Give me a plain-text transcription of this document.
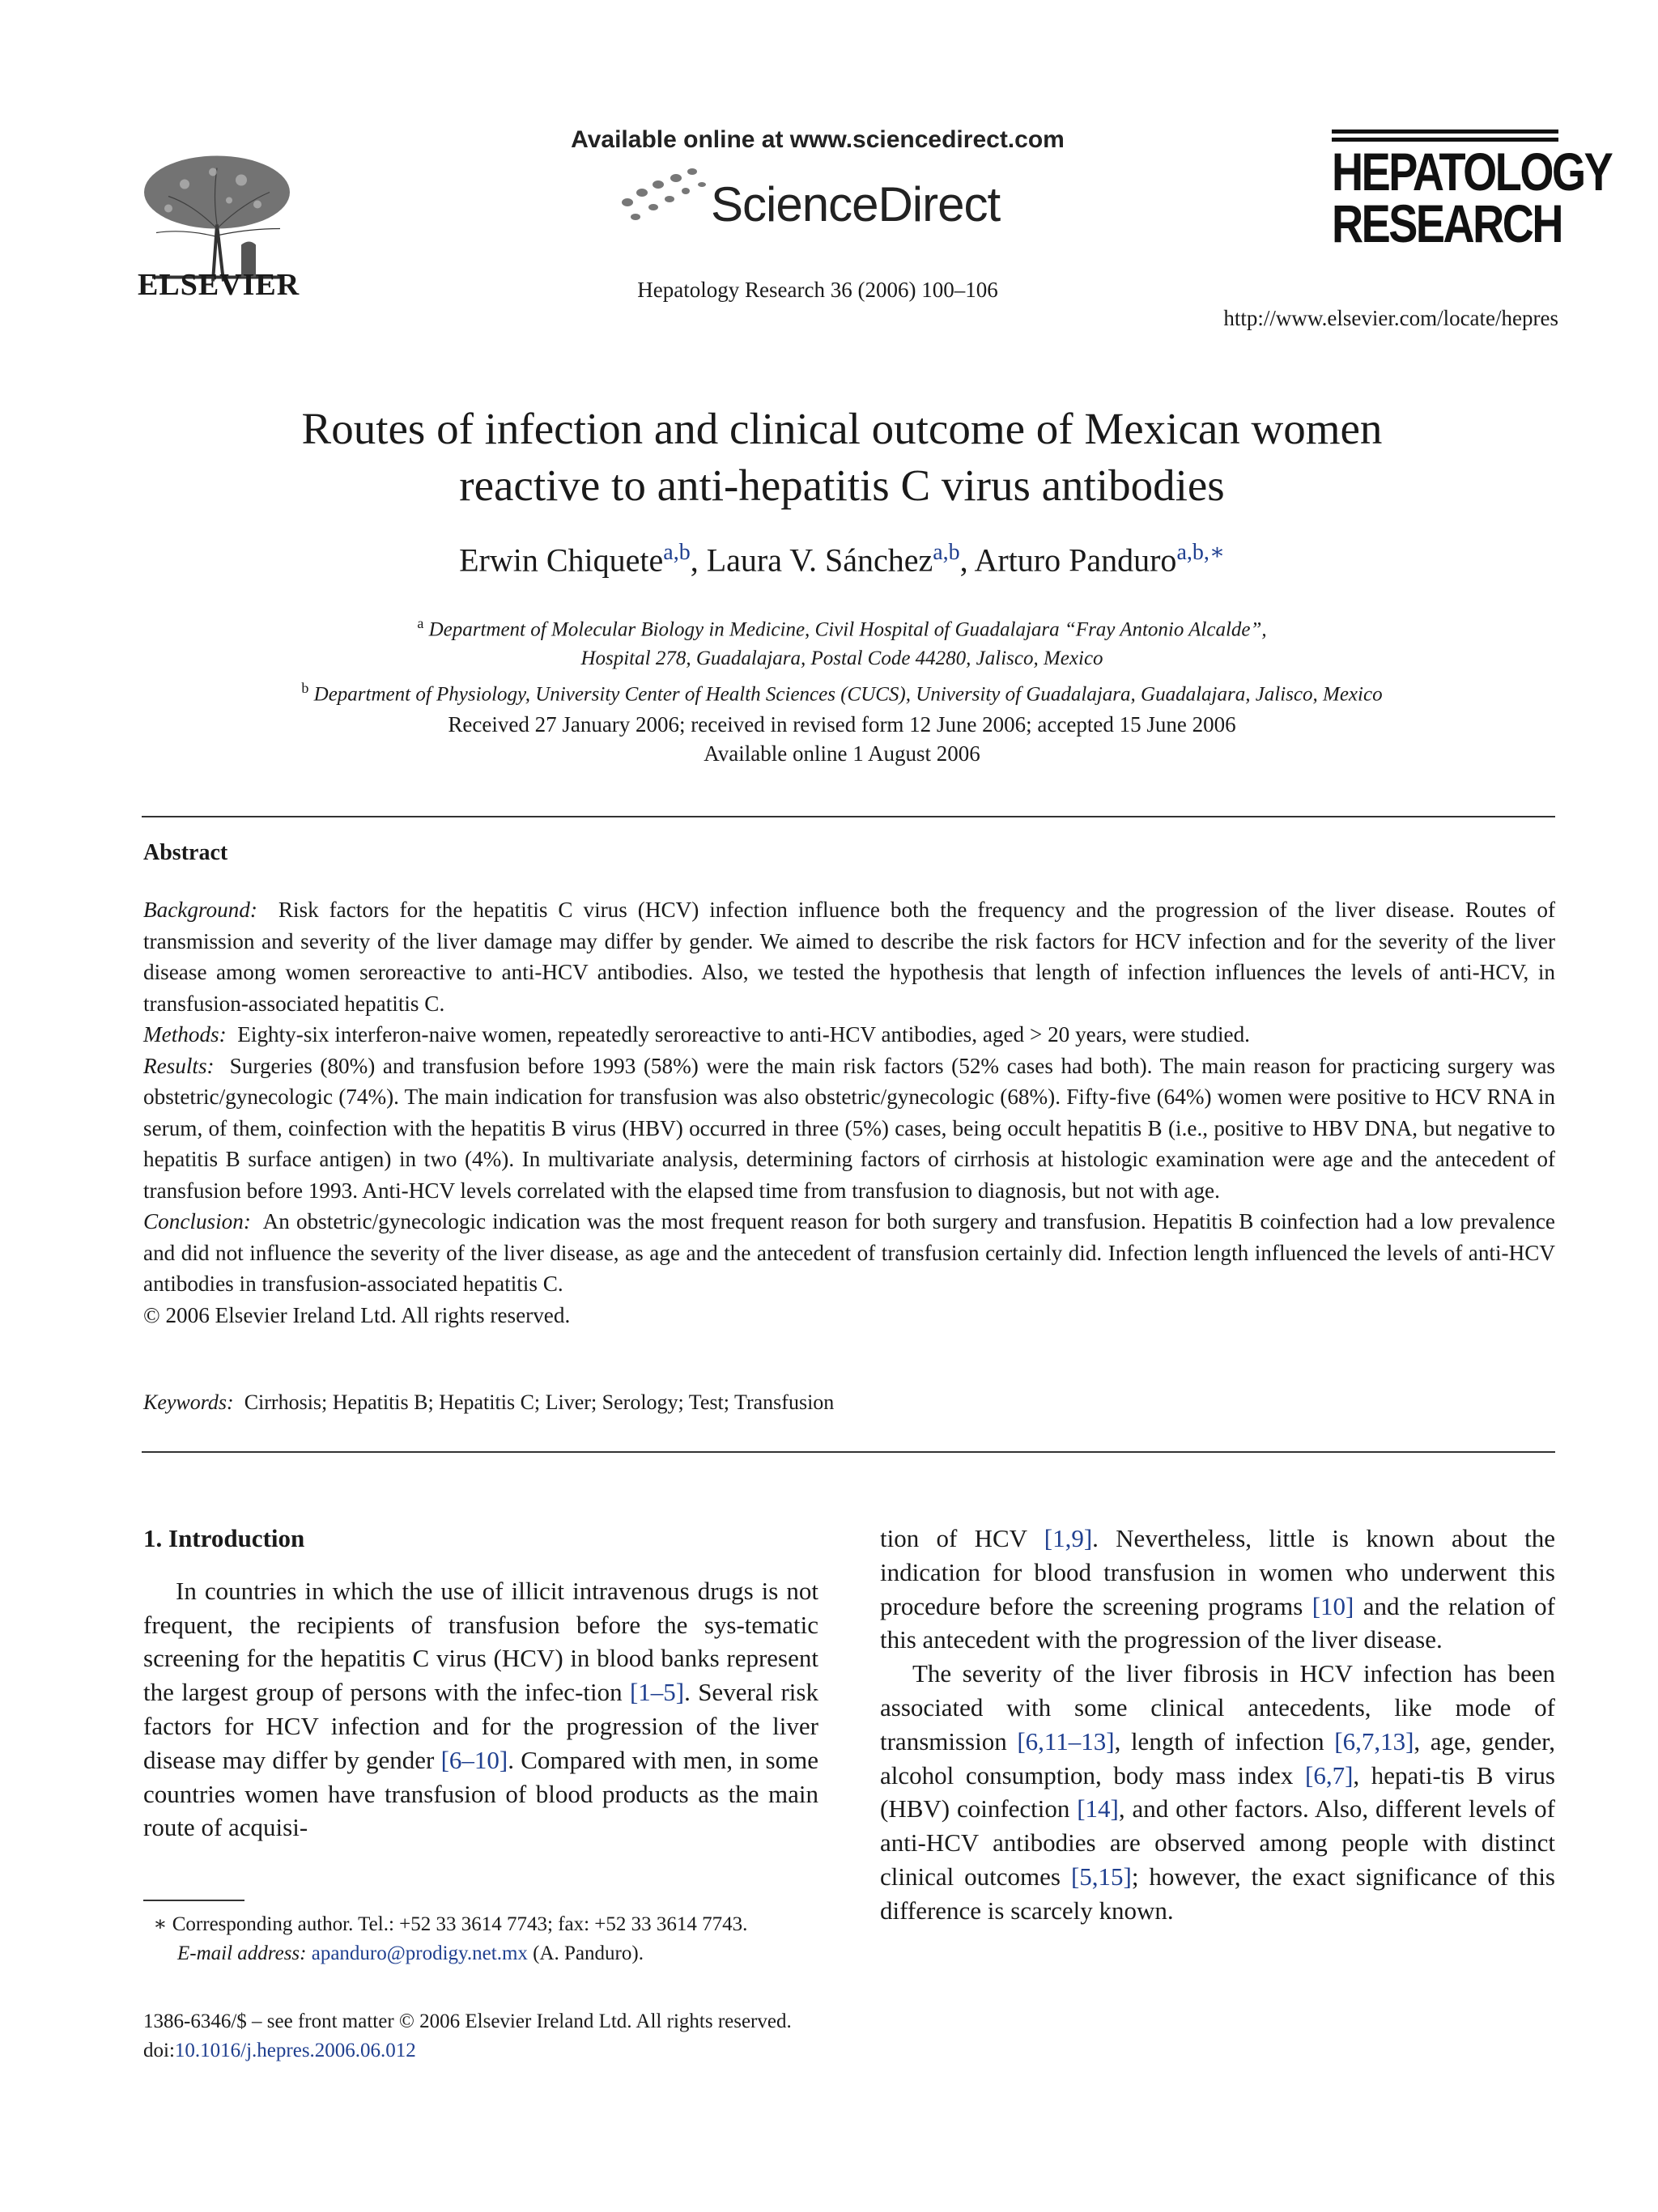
ELSEVIER
Available online at www.sciencedirect.com
ScienceDirect
Hepatology Research 36 (2006) 100–106
HEPATOLOGY
RESEARCH
http://www.elsevier.com/locate/hepres
Routes of infection and clinical outcome of Mexican women
reactive to anti-hepatitis C virus antibodies
Erwin Chiquete$^{a,b}$, Laura V. Sánchez$^{a,b}$, Arturo Panduro$^{a,b,∗}$
$^a$ Department of Molecular Biology in Medicine, Civil Hospital of Guadalajara “Fray Antonio Alcalde”,
Hospital 278, Guadalajara, Postal Code 44280, Jalisco, Mexico
$^b$ Department of Physiology, University Center of Health Sciences (CUCS), University of Guadalajara, Guadalajara, Jalisco, Mexico
Received 27 January 2006; received in revised form 12 June 2006; accepted 15 June 2006
Available online 1 August 2006
Abstract

Background: Risk factors for the hepatitis C virus (HCV) infection influence both the frequency and the progression of the liver disease. Routes of transmission and severity of the liver damage may differ by gender. We aimed to describe the risk factors for HCV infection and for the severity of the liver disease among women seroreactive to anti-HCV antibodies. Also, we tested the hypothesis that length of infection influences the levels of anti-HCV, in transfusion-associated hepatitis C.

Methods: Eighty-six interferon-naive women, repeatedly seroreactive to anti-HCV antibodies, aged > 20 years, were studied.

Results: Surgeries (80%) and transfusion before 1993 (58%) were the main risk factors (52% cases had both). The main reason for practicing surgery was obstetric/gynecologic (74%). The main indication for transfusion was also obstetric/gynecologic (68%). Fifty-five (64%) women were positive to HCV RNA in serum, of them, coinfection with the hepatitis B virus (HBV) occurred in three (5%) cases, being occult hepatitis B (i.e., positive to HBV DNA, but negative to hepatitis B surface antigen) in two (4%). In multivariate analysis, determining factors of cirrhosis at histologic examination were age and the antecedent of transfusion before 1993. Anti-HCV levels correlated with the elapsed time from transfusion to diagnosis, but not with age.

Conclusion: An obstetric/gynecologic indication was the most frequent reason for both surgery and transfusion. Hepatitis B coinfection had a low prevalence and did not influence the severity of the liver disease, as age and the antecedent of transfusion certainly did. Infection length influenced the levels of anti-HCV antibodies in transfusion-associated hepatitis C.

© 2006 Elsevier Ireland Ltd. All rights reserved.

Keywords: Cirrhosis; Hepatitis B; Hepatitis C; Liver; Serology; Test; Transfusion

1. Introduction

In countries in which the use of illicit intravenous drugs is not frequent, the recipients of transfusion before the sys-tematic screening for the hepatitis C virus (HCV) in blood banks represent the largest group of persons with the infec-tion [1–5]. Several risk factors for HCV infection and for the progression of the liver disease may differ by gender [6–10]. Compared with men, in some countries women have transfusion of blood products as the main route of acquisi-

tion of HCV [1,9]. Nevertheless, little is known about the indication for blood transfusion in women who underwent this procedure before the screening programs [10] and the relation of this antecedent with the progression of the liver disease.

The severity of the liver fibrosis in HCV infection has been associated with some clinical antecedents, like mode of transmission [6,11–13], length of infection [6,7,13], age, gender, alcohol consumption, body mass index [6,7], hepati-tis B virus (HBV) coinfection [14], and other factors. Also, different levels of anti-HCV antibodies are observed among people with distinct clinical outcomes [5,15]; however, the exact significance of this difference is scarcely known.

∗ Corresponding author. Tel.: +52 33 3614 7743; fax: +52 33 3614 7743.
E-mail address: apanduro@prodigy.net.mx (A. Panduro).
1386-6346/$ – see front matter © 2006 Elsevier Ireland Ltd. All rights reserved.
doi:10.1016/j.hepres.2006.06.012
